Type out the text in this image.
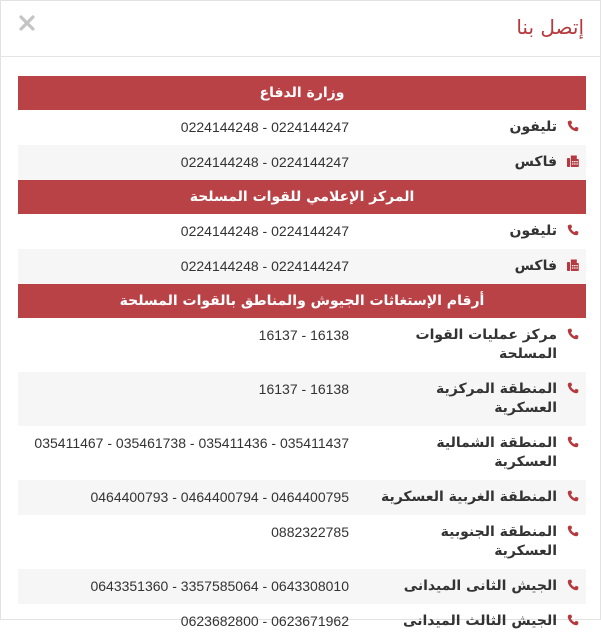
إتصل بنا
وزارة الدفاع
تليفون
0224144247 - 0224144248
فاكس
0224144247 - 0224144248
المركز الإعلامي للقوات المسلحة
تليفون
0224144247 - 0224144248
فاكس
0224144247 - 0224144248
أرقام الإستغاثات الجيوش والمناطق بالقوات المسلحة
مركز عمليات القوات المسلحة
16138 - 16137
المنطقة المركزية العسكرية
16138 - 16137
المنطقة الشمالية العسكرية
035411437 - 035411436 - 035461738 - 035411467
المنطقة الغربية العسكرية
0464400795 - 0464400794 - 0464400793
المنطقة الجنوبية العسكرية
0882322785
الجيش الثانى الميدانى
0643308010 - 3357585064 - 0643351360
الجيش الثالث الميدانى
0623671962 - 0623682800
